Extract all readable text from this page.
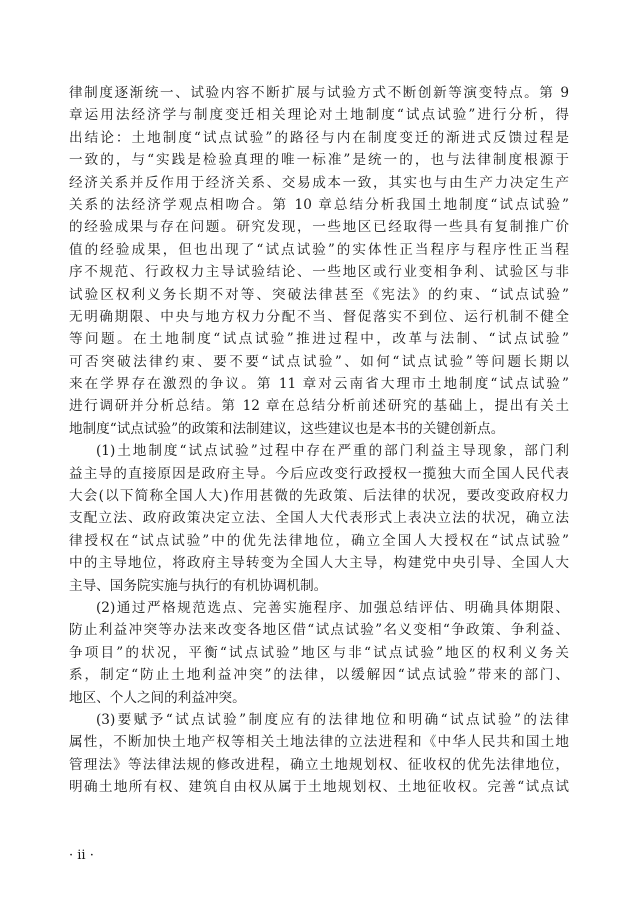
律制度逐渐统一、试验内容不断扩展与试验方式不断创新等演变特点。第 9
章运用法经济学与制度变迁相关理论对土地制度“试点试验”进行分析，得
出结论：土地制度“试点试验”的路径与内在制度变迁的渐进式反馈过程是
一致的，与“实践是检验真理的唯一标准”是统一的，也与法律制度根源于
经济关系并反作用于经济关系、交易成本一致，其实也与由生产力决定生产
关系的法经济学观点相吻合。第 10 章总结分析我国土地制度“试点试验”
的经验成果与存在问题。研究发现，一些地区已经取得一些具有复制推广价
值的经验成果，但也出现了“试点试验”的实体性正当程序与程序性正当程
序不规范、行政权力主导试验结论、一些地区或行业变相争利、试验区与非
试验区权利义务长期不对等、突破法律甚至《宪法》的约束、“试点试验”
无明确期限、中央与地方权力分配不当、督促落实不到位、运行机制不健全
等问题。在土地制度“试点试验”推进过程中，改革与法制、“试点试验”
可否突破法律约束、要不要“试点试验”、如何“试点试验”等问题长期以
来在学界存在激烈的争议。第 11 章对云南省大理市土地制度“试点试验”
进行调研并分析总结。第 12 章在总结分析前述研究的基础上，提出有关土
地制度“试点试验”的政策和法制建议，这些建议也是本书的关键创新点。
(1)土地制度“试点试验”过程中存在严重的部门利益主导现象，部门利
益主导的直接原因是政府主导。今后应改变行政授权一揽独大而全国人民代表
大会(以下简称全国人大)作用甚微的先政策、后法律的状况，要改变政府权力
支配立法、政府政策决定立法、全国人大代表形式上表决立法的状况，确立法
律授权在“试点试验”中的优先法律地位，确立全国人大授权在“试点试验”
中的主导地位，将政府主导转变为全国人大主导，构建党中央引导、全国人大
主导、国务院实施与执行的有机协调机制。
(2)通过严格规范选点、完善实施程序、加强总结评估、明确具体期限、
防止利益冲突等办法来改变各地区借“试点试验”名义变相“争政策、争利益、
争项目”的状况，平衡“试点试验”地区与非“试点试验”地区的权利义务关
系，制定“防止土地利益冲突”的法律，以缓解因“试点试验”带来的部门、
地区、个人之间的利益冲突。
(3)要赋予“试点试验”制度应有的法律地位和明确“试点试验”的法律
属性，不断加快土地产权等相关土地法律的立法进程和《中华人民共和国土地
管理法》等法律法规的修改进程，确立土地规划权、征收权的优先法律地位，
明确土地所有权、建筑自由权从属于土地规划权、土地征收权。完善“试点试
· ii ·
